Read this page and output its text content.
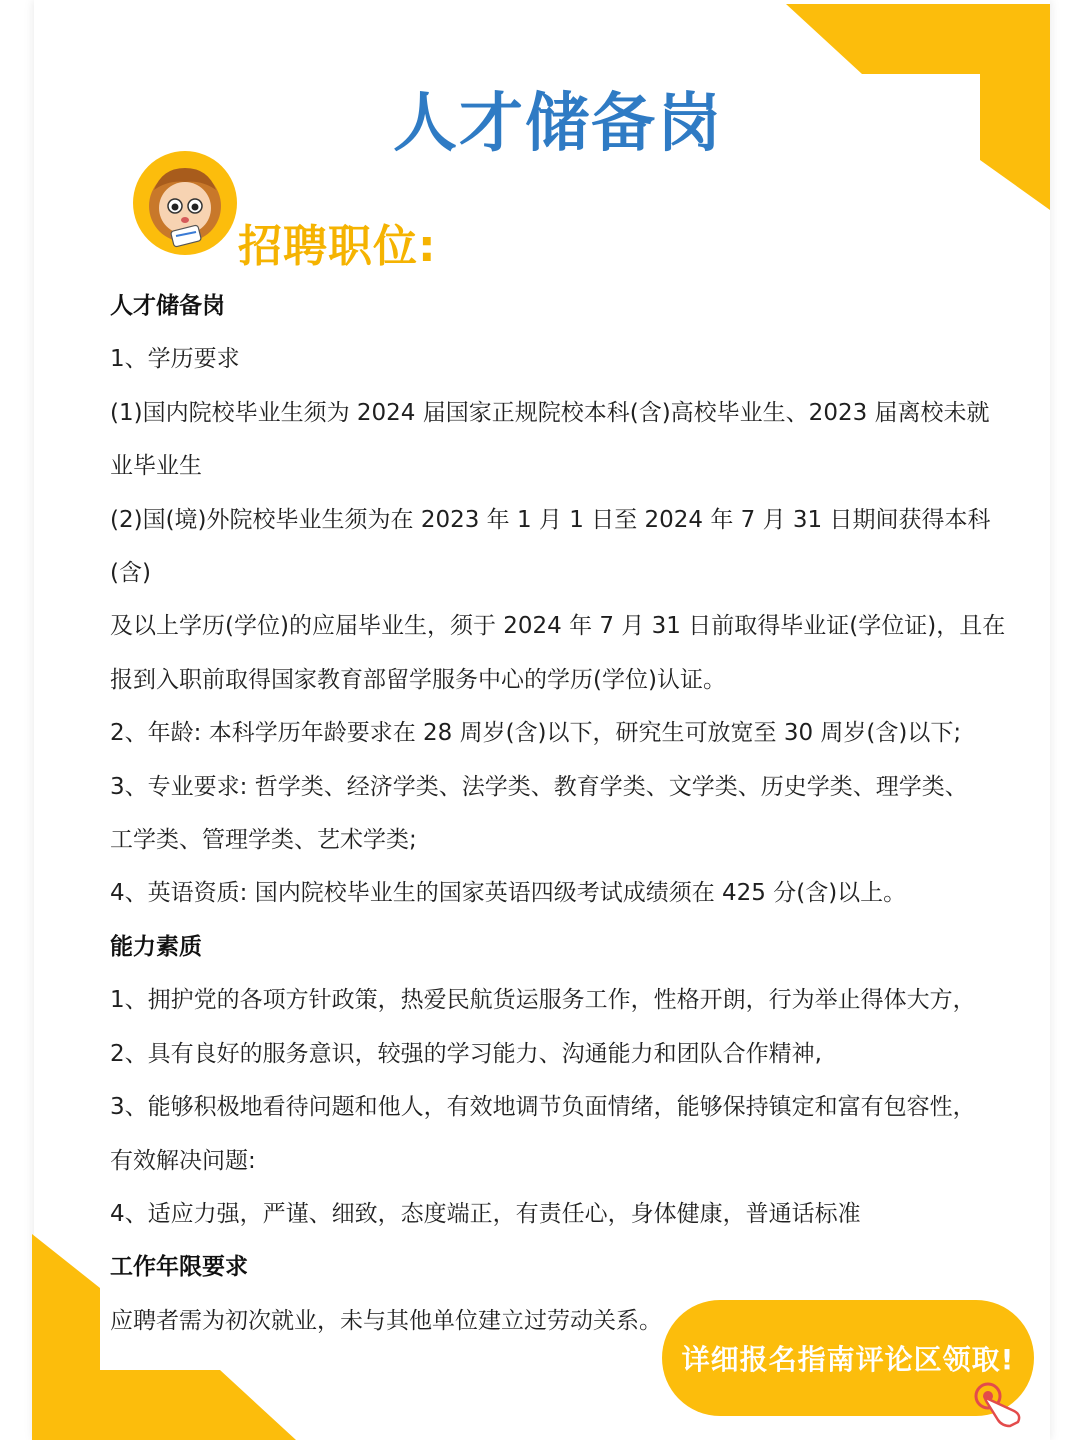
人才储备岗
招聘职位:

人才储备岗

1、学历要求

(1)国内院校毕业生须为 2024 届国家正规院校本科(含)高校毕业生、2023 届离校未就

业毕业生

(2)国(境)外院校毕业生须为在 2023 年 1 月 1 日至 2024 年 7 月 31 日期间获得本科(含)

及以上学历(学位)的应届毕业生，须于 2024 年 7 月 31 日前取得毕业证(学位证)，且在

报到入职前取得国家教育部留学服务中心的学历(学位)认证。

2、年龄: 本科学历年龄要求在 28 周岁(含)以下，研究生可放宽至 30 周岁(含)以下;

3、专业要求: 哲学类、经济学类、法学类、教育学类、文学类、历史学类、理学类、

工学类、管理学类、艺术学类;

4、英语资质: 国内院校毕业生的国家英语四级考试成绩须在 425 分(含)以上。

能力素质

1、拥护党的各项方针政策，热爱民航货运服务工作，性格开朗，行为举止得体大方，

2、具有良好的服务意识，较强的学习能力、沟通能力和团队合作精神,

3、能够积极地看待问题和他人，有效地调节负面情绪，能够保持镇定和富有包容性，

有效解决问题:

4、适应力强，严谨、细致，态度端正，有责任心，身体健康，普通话标准

工作年限要求

应聘者需为初次就业，未与其他单位建立过劳动关系。

详细报名指南评论区领取!
